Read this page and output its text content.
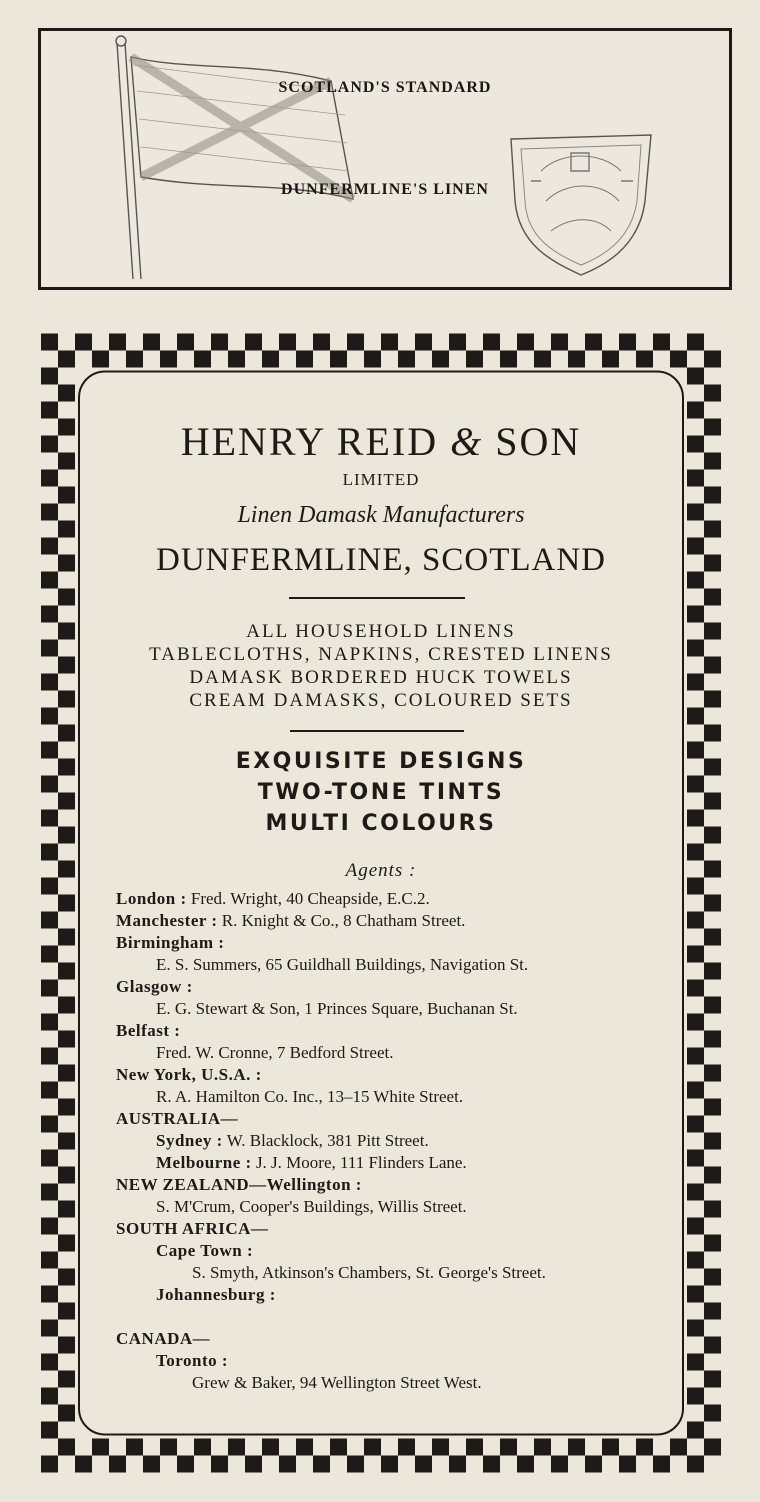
SCOTLAND'S STANDARD
DUNFERMLINE'S LINEN
HENRY REID & SON
LIMITED
Linen Damask Manufacturers
DUNFERMLINE, SCOTLAND
ALL HOUSEHOLD LINENS
TABLECLOTHS, NAPKINS, CRESTED LINENS
DAMASK BORDERED HUCK TOWELS
CREAM DAMASKS, COLOURED SETS
EXQUISITE DESIGNS
TWO-TONE TINTS
MULTI COLOURS
Agents :
London : Fred. Wright, 40 Cheapside, E.C.2.
Manchester : R. Knight & Co., 8 Chatham Street.
Birmingham :
E. S. Summers, 65 Guildhall Buildings, Navigation St.
Glasgow :
E. G. Stewart & Son, 1 Princes Square, Buchanan St.
Belfast :
Fred. W. Cronne, 7 Bedford Street.
New York, U.S.A. :
R. A. Hamilton Co. Inc., 13–15 White Street.
AUSTRALIA—
Sydney : W. Blacklock, 381 Pitt Street.
Melbourne : J. J. Moore, 111 Flinders Lane.
NEW ZEALAND—Wellington :
S. M'Crum, Cooper's Buildings, Willis Street.
SOUTH AFRICA—
Cape Town :
S. Smyth, Atkinson's Chambers, St. George's Street.
Johannesburg :
CANADA—
Toronto :
Grew & Baker, 94 Wellington Street West.
